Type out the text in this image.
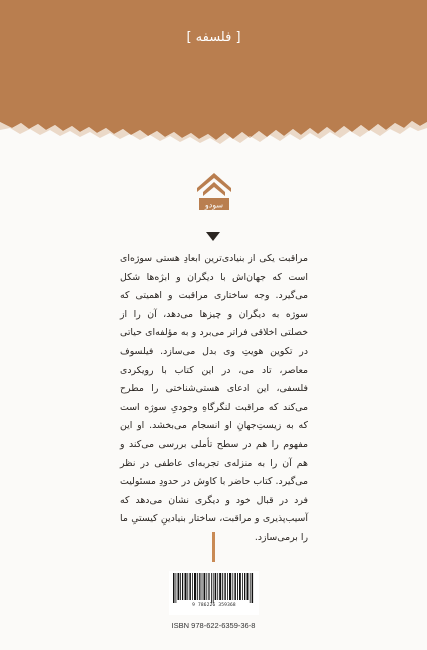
[ فلسفه ]
سودو

مراقبت یکی از بنیادی‌ترین ابعادِ هستی سوژه‌ای است که جهان‌اش با دیگران و ابژه‌ها شکل می‌گیرد. وجه ساختاری مراقبت و اهمیتی که سوژه به دیگران و چیزها می‌دهد، آن را از خصلتی اخلاقی فراتر می‌برد و به مؤلفه‌ای حیاتی در تکوین هویتِ وی بدل می‌سازد. فیلسوف معاصر، تاد می، در این کتاب با رویکردی فلسفی، این ادعای هستی‌شناختی را مطرح می‌کند که مراقبت لنگرگاهِ وجودیِ سوژه است که به زیستِ‌جهانِ او انسجام می‌بخشد. او این مفهوم را هم در سطح تأملی بررسی می‌کند و هم آن را به منزله‌ی تجربه‌ای عاطفی در نظر می‌گیرد. کتاب حاضر با کاوش در حدودِ مسئولیت فرد در قبال خود و دیگری نشان می‌دهد که آسیب‌پذیری و مراقبت، ساختار بنیادینِ کیستیِ ما را برمی‌سازد.

9 786226 359368
ISBN 978-622-6359-36-8
